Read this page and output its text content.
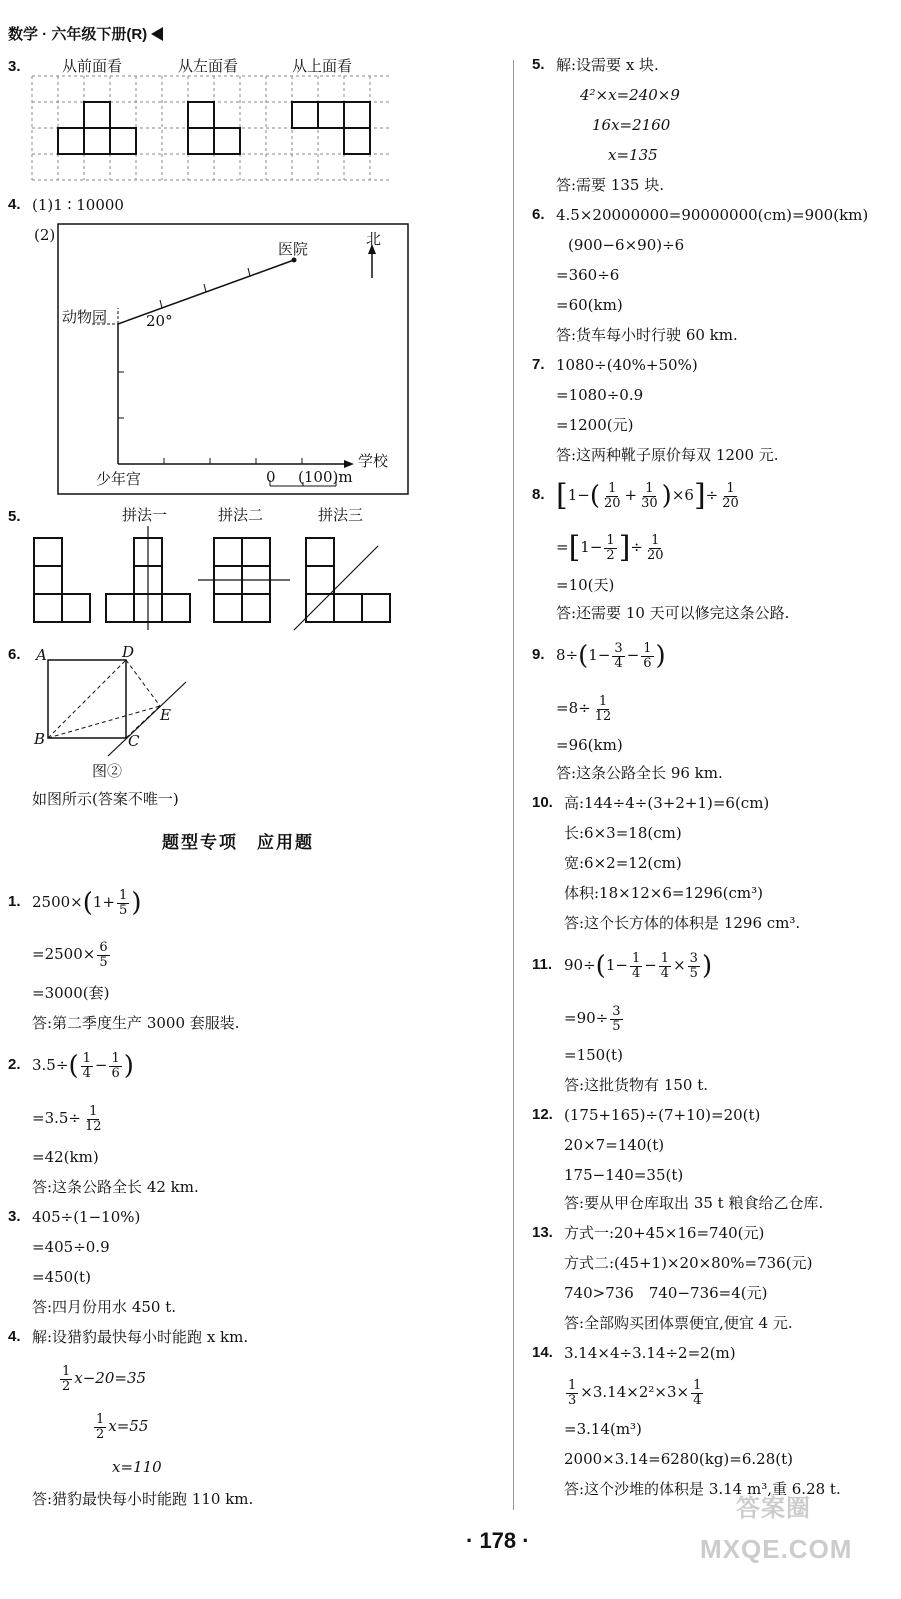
数学 · 六年级下册(R)
3.	从前面看	从左面看	从上面看
4. (1)1 ∶ 10000
(2)
医院
北
动物园	20°
少年宫
学校
0 (100)m
5.	拼法一	拼法二	拼法三
6. A	D
E
B	C
图②
如图所示(答案不唯一)
题型专项　应用题
1. $2500\times(1+ \frac{1}{5}$ )
$=2500\times \frac{6}{5}$
=3000(套)
答:第二季度生产 3000 套服装.
2. $3.5\div( \frac{1}{4} - \frac{1}{6}$ )
$=3.5\div \frac{1}{12}$
=42(km)
答:这条公路全长 42 km.
3. 405÷(1−10%)
=405÷0.9
=450(t)
答:四月份用水 450 t.
4. 解:设猎豹最快每小时能跑 x km.
$\frac{1}{2} x-20=35$
$\frac{1}{2} x=55$
x=110
答:猎豹最快每小时能跑 110 km.
5. 解:设需要 x 块.
4²×x=240×9
16x=2160
x=135
答:需要 135 块.
6. 4.5×20000000=90000000(cm)=900(km)
(900−6×90)÷6
=360÷6
=60(km)
答:货车每小时行驶 60 km.
7. 1080÷(40%+50%)
=1080÷0.9
=1200(元)
答:这两种靴子原价每双 1200 元.
8. $[1-( \frac{1}{20} + \frac{1}{30} )\times 6]\div \frac{1}{20}$
$=[1- \frac{1}{2}$ ]÷ $\frac{1}{20}$
=10(天)
答:还需要 10 天可以修完这条公路.
9. $8\div(1- \frac{3}{4} - \frac{1}{6}$ )
$=8\div \frac{1}{12}$
=96(km)
答:这条公路全长 96 km.
10. 高:144÷4÷(3+2+1)=6(cm)
长:6×3=18(cm)
宽:6×2=12(cm)
体积:18×12×6=1296(cm³)
答:这个长方体的体积是 1296 cm³.
11. $90\div(1- \frac{1}{4} - \frac{1}{4} \times \frac{3}{5}$ )
$=90\div \frac{3}{5}$
=150(t)
答:这批货物有 150 t.
12. (175+165)÷(7+10)=20(t)
20×7=140(t)
175−140=35(t)
答:要从甲仓库取出 35 t 粮食给乙仓库.
13. 方式一:20+45×16=740(元)
方式二:(45+1)×20×80%=736(元)
740>736　740−736=4(元)
答:全部购买团体票便宜,便宜 4 元.
14. 3.14×4÷3.14÷2=2(m)
$\frac{1}{3} \times 3.14\times 2^2\times 3\times \frac{1}{4}$
=3.14(m³)
2000×3.14=6280(kg)=6.28(t)
答:这个沙堆的体积是 3.14 m³,重 6.28 t.
答案圈
MXQE.COM
· 178 ·
